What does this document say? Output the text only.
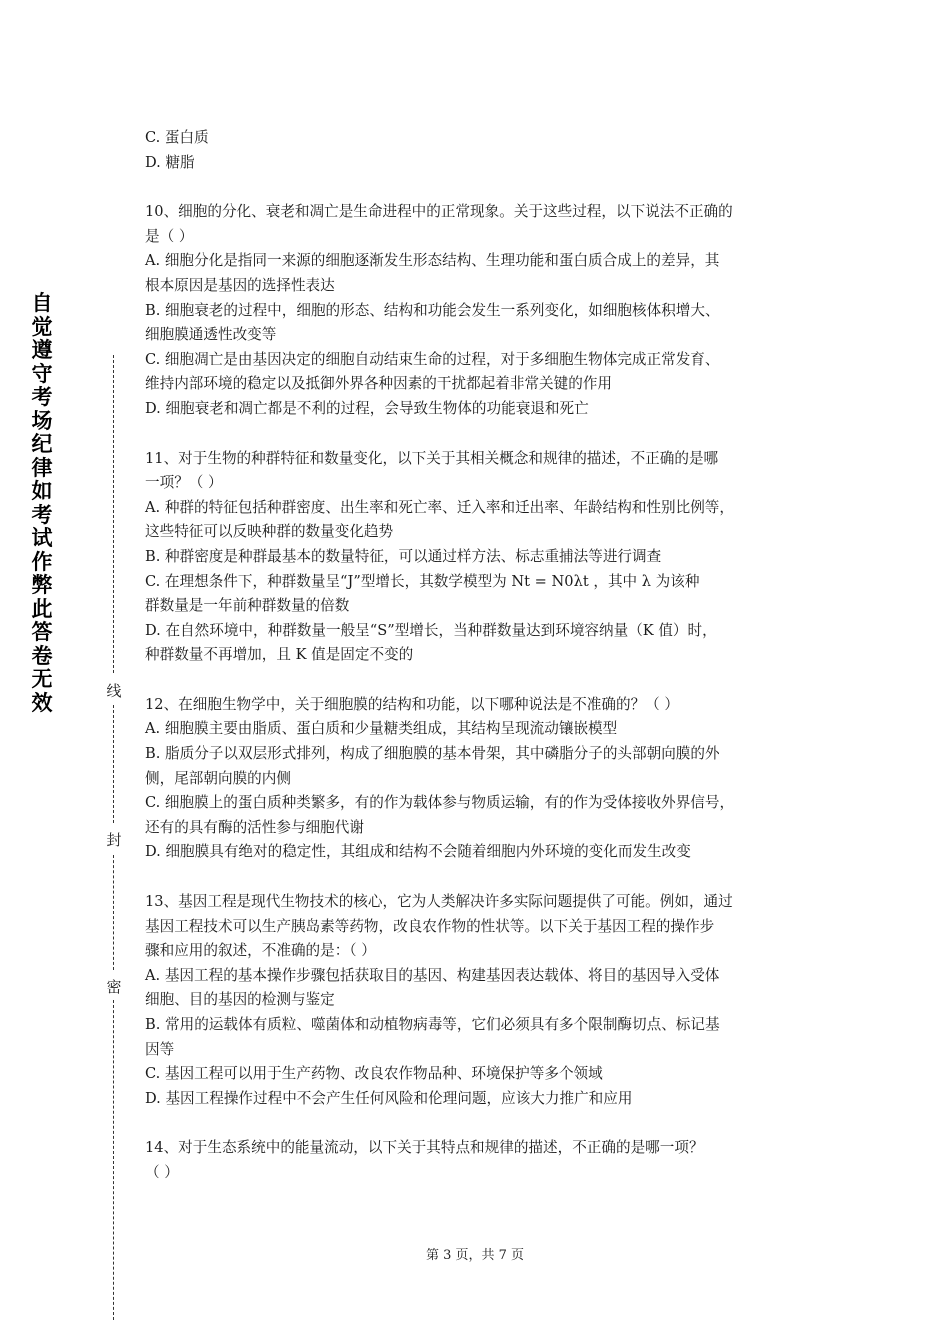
自觉遵守考场纪律如考试作弊此答卷无效	线
封
密
C. 蛋白质
D. 糖脂
10、细胞的分化、衰老和凋亡是生命进程中的正常现象。关于这些过程，以下说法不正确的
是（ ）
A. 细胞分化是指同一来源的细胞逐渐发生形态结构、生理功能和蛋白质合成上的差异，其
根本原因是基因的选择性表达
B. 细胞衰老的过程中，细胞的形态、结构和功能会发生一系列变化，如细胞核体积增大、
细胞膜通透性改变等
C. 细胞凋亡是由基因决定的细胞自动结束生命的过程，对于多细胞生物体完成正常发育、
维持内部环境的稳定以及抵御外界各种因素的干扰都起着非常关键的作用
D. 细胞衰老和凋亡都是不利的过程，会导致生物体的功能衰退和死亡
11、对于生物的种群特征和数量变化，以下关于其相关概念和规律的描述，不正确的是哪
一项？（ ）
A. 种群的特征包括种群密度、出生率和死亡率、迁入率和迁出率、年龄结构和性别比例等，
这些特征可以反映种群的数量变化趋势
B. 种群密度是种群最基本的数量特征，可以通过样方法、标志重捕法等进行调查
C. 在理想条件下，种群数量呈“J”型增长，其数学模型为 Nt = N0λt ，其中 λ 为该种
群数量是一年前种群数量的倍数
D. 在自然环境中，种群数量一般呈“S”型增长，当种群数量达到环境容纳量（K 值）时，
种群数量不再增加，且 K 值是固定不变的
12、在细胞生物学中，关于细胞膜的结构和功能，以下哪种说法是不准确的？（ ）
A. 细胞膜主要由脂质、蛋白质和少量糖类组成，其结构呈现流动镶嵌模型
B. 脂质分子以双层形式排列，构成了细胞膜的基本骨架，其中磷脂分子的头部朝向膜的外
侧，尾部朝向膜的内侧
C. 细胞膜上的蛋白质种类繁多，有的作为载体参与物质运输，有的作为受体接收外界信号，
还有的具有酶的活性参与细胞代谢
D. 细胞膜具有绝对的稳定性，其组成和结构不会随着细胞内外环境的变化而发生改变
13、基因工程是现代生物技术的核心，它为人类解决许多实际问题提供了可能。例如，通过
基因工程技术可以生产胰岛素等药物，改良农作物的性状等。以下关于基因工程的操作步
骤和应用的叙述，不准确的是：（ ）
A. 基因工程的基本操作步骤包括获取目的基因、构建基因表达载体、将目的基因导入受体
细胞、目的基因的检测与鉴定
B. 常用的运载体有质粒、噬菌体和动植物病毒等，它们必须具有多个限制酶切点、标记基
因等
C. 基因工程可以用于生产药物、改良农作物品种、环境保护等多个领域
D. 基因工程操作过程中不会产生任何风险和伦理问题，应该大力推广和应用
14、对于生态系统中的能量流动，以下关于其特点和规律的描述，不正确的是哪一项？
（ ）
第 3 页，共 7 页
